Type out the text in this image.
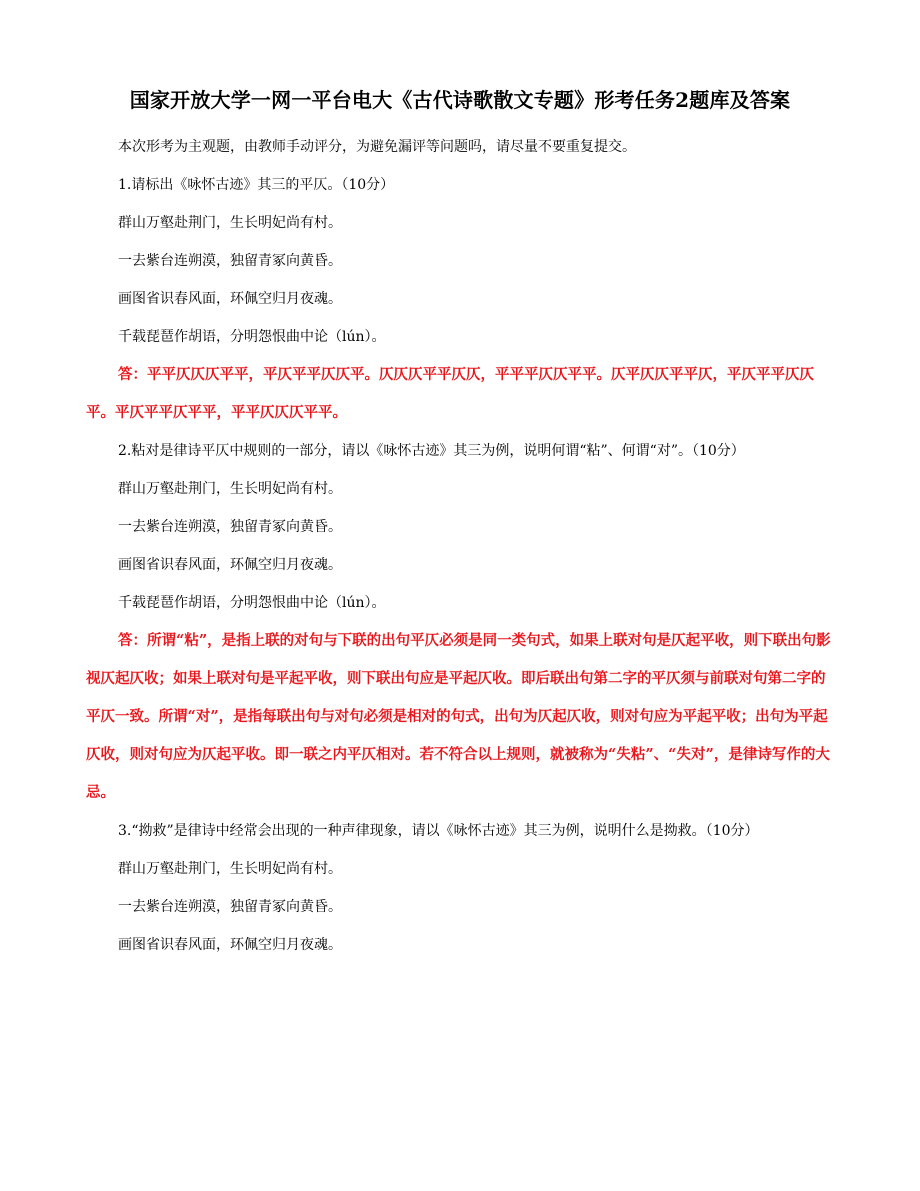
国家开放大学一网一平台电大《古代诗歌散文专题》形考任务2题库及答案

本次形考为主观题，由教师手动评分，为避免漏评等问题吗，请尽量不要重复提交。

1.请标出《咏怀古迹》其三的平仄。（10分）

群山万壑赴荆门，生长明妃尚有村。

一去紫台连朔漠，独留青冢向黄昏。

画图省识春风面，环佩空归月夜魂。

千载琵琶作胡语，分明怨恨曲中论（lún）。

答：平平仄仄仄平平，平仄平平仄仄平。仄仄仄平平仄仄，平平平仄仄平平。仄平仄仄平平仄，平仄平平仄仄平。平仄平平仄平平，平平仄仄仄平平。

2.粘对是律诗平仄中规则的一部分，请以《咏怀古迹》其三为例，说明何谓“粘”、何谓“对”。（10分）

群山万壑赴荆门，生长明妃尚有村。

一去紫台连朔漠，独留青冢向黄昏。

画图省识春风面，环佩空归月夜魂。

千载琵琶作胡语，分明怨恨曲中论（lún）。

答：所谓“粘”，是指上联的对句与下联的出句平仄必须是同一类句式，如果上联对句是仄起平收，则下联出句影视仄起仄收；如果上联对句是平起平收，则下联出句应是平起仄收。即后联出句第二字的平仄须与前联对句第二字的平仄一致。所谓“对”，是指每联出句与对句必须是相对的句式，出句为仄起仄收，则对句应为平起平收；出句为平起仄收，则对句应为仄起平收。即一联之内平仄相对。若不符合以上规则，就被称为“失粘”、“失对”，是律诗写作的大忌。

3.“拗救”是律诗中经常会出现的一种声律现象，请以《咏怀古迹》其三为例，说明什么是拗救。（10分）

群山万壑赴荆门，生长明妃尚有村。

一去紫台连朔漠，独留青冢向黄昏。

画图省识春风面，环佩空归月夜魂。
